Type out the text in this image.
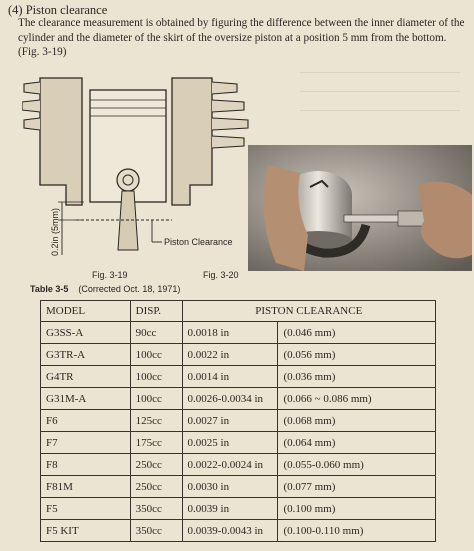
(4) Piston clearance
The clearance measurement is obtained by figuring the difference between the inner diameter of the cylinder and the diameter of the skirt of the oversize piston at a position 5 mm from the bottom. (Fig. 3-19)
0.2in (5mm)	Piston Clearance
Fig. 3-19	Fig. 3-20
Table 3-5 (Corrected Oct. 18, 1971)
MODEL	DISP.	PISTON CLEARANCE	
G3SS-A	90cc	0.0018 in	(0.046 mm)
G3TR-A	100cc	0.0022 in	(0.056 mm)
G4TR	100cc	0.0014 in	(0.036 mm)
G31M-A	100cc	0.0026-0.0034 in	(0.066 ~ 0.086 mm)
F6	125cc	0.0027 in	(0.068 mm)
F7	175cc	0.0025 in	(0.064 mm)
F8	250cc	0.0022-0.0024 in	(0.055-0.060 mm)
F81M	250cc	0.0030 in	(0.077 mm)
F5	350cc	0.0039 in	(0.100 mm)
F5 KIT	350cc	0.0039-0.0043 in	(0.100-0.110 mm)
